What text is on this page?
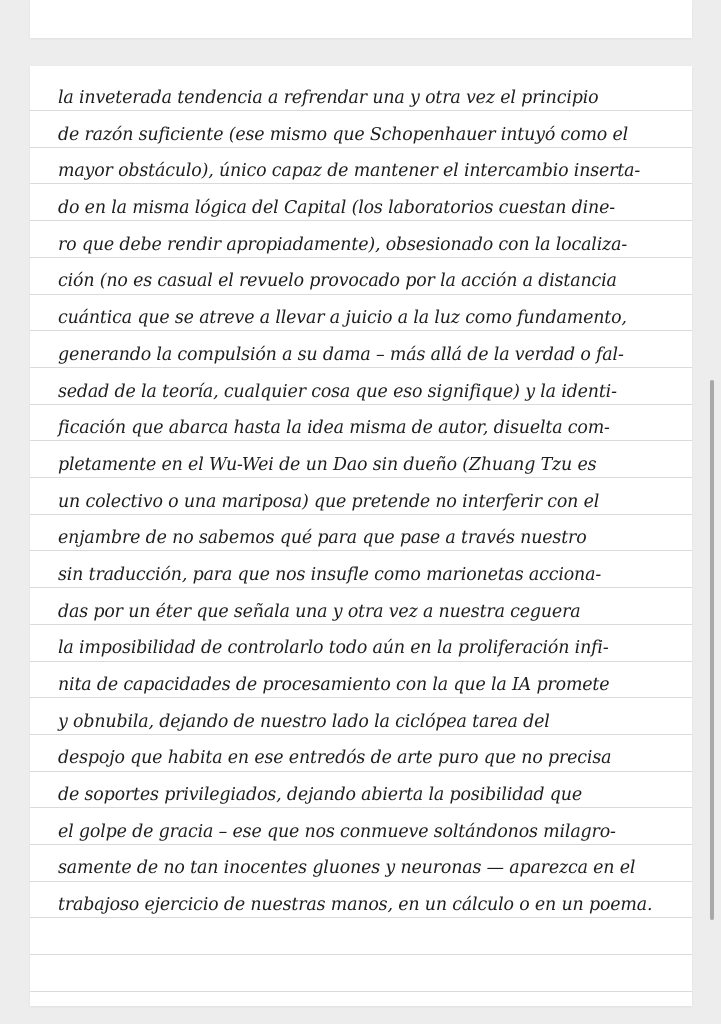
la inveterada tendencia a refrendar una y otra vez el principio
de razón suficiente (ese mismo que Schopenhauer intuyó como el
mayor obstáculo), único capaz de mantener el intercambio inserta-
do en la misma lógica del Capital (los laboratorios cuestan dine-
ro que debe rendir apropiadamente), obsesionado con la localiza-
ción (no es casual el revuelo provocado por la acción a distancia
cuántica que se atreve a llevar a juicio a la luz como fundamento,
generando la compulsión a su dama – más allá de la verdad o fal-
sedad de la teoría, cualquier cosa que eso signifique) y la identi-
ficación que abarca hasta la idea misma de autor, disuelta com-
pletamente en el Wu-Wei de un Dao sin dueño (Zhuang Tzu es
un colectivo o una mariposa) que pretende no interferir con el
enjambre de no sabemos qué para que pase a través nuestro
sin traducción, para que nos insufle como marionetas acciona-
das por un éter que señala una y otra vez a nuestra ceguera
la imposibilidad de controlarlo todo aún en la proliferación infi-
nita de capacidades de procesamiento con la que la IA promete
y obnubila, dejando de nuestro lado la ciclópea tarea del
despojo que habita en ese entredós de arte puro que no precisa
de soportes privilegiados, dejando abierta la posibilidad que
el golpe de gracia – ese que nos conmueve soltándonos milagro-
samente de no tan inocentes gluones y neuronas — aparezca en el
trabajoso ejercicio de nuestras manos, en un cálculo o en un poema.
